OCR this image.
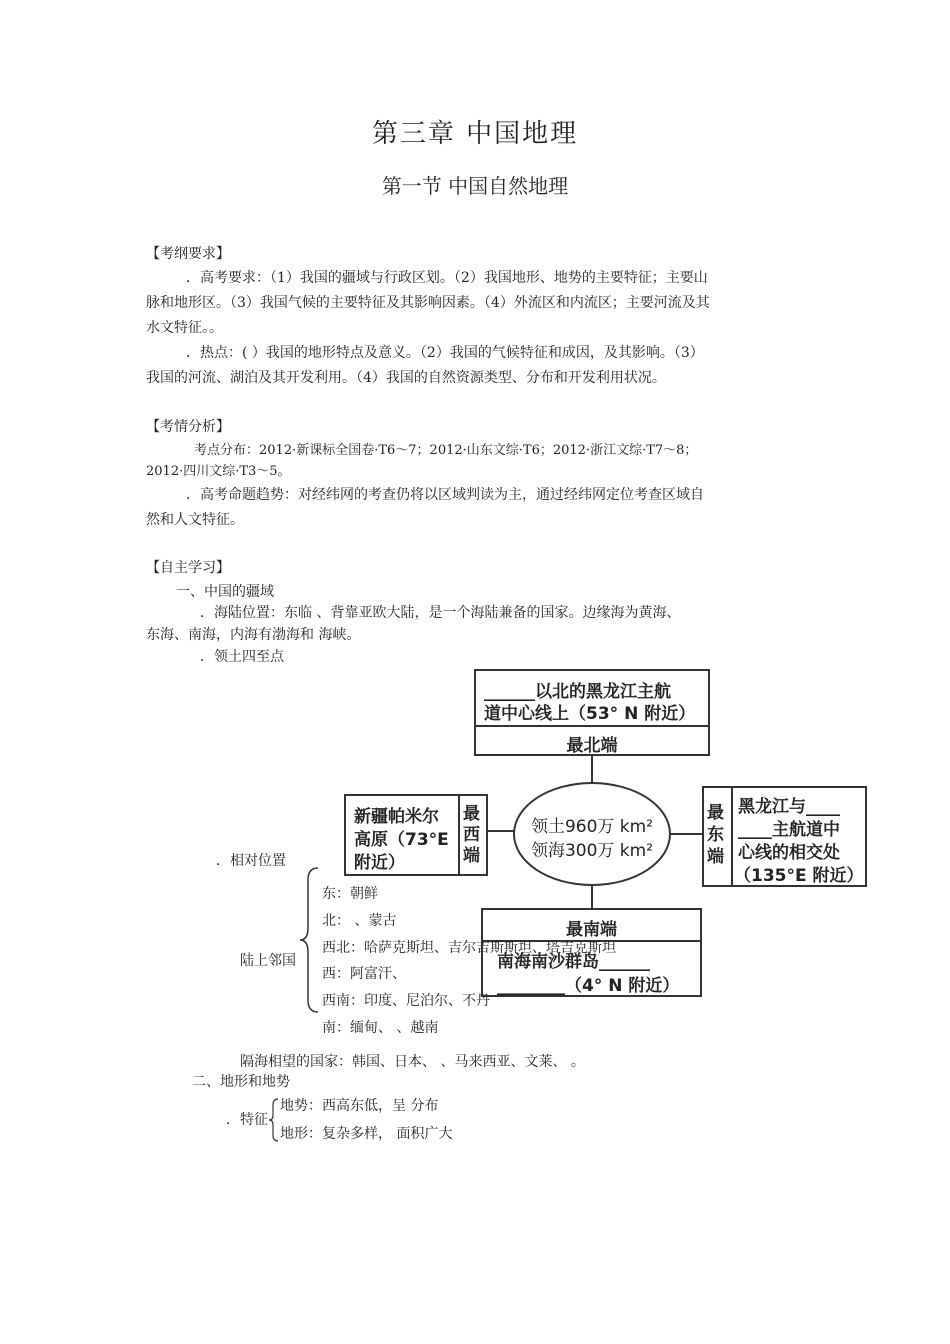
第三章 中国地理
第一节 中国自然地理
【考纲要求】
．高考要求：（1）我国的疆域与行政区划。（2）我国地形、地势的主要特征；主要山
脉和地形区。（3）我国气候的主要特征及其影响因素。（4）外流区和内流区；主要河流及其
水文特征。。
．热点：( ）我国的地形特点及意义。（2）我国的气候特征和成因，及其影响。（3）
我国的河流、湖泊及其开发利用。（4）我国的自然资源类型、分布和开发利用状况。
【考情分析】
考点分布：2012·新课标全国卷·T6～7；2012·山东文综·T6；2012·浙江文综·T7～8；
2012·四川文综·T3～5。
．高考命题趋势：对经纬网的考查仍将以区域判读为主，通过经纬网定位考查区域自
然和人文特征。
【自主学习】
一、中国的疆域
．海陆位置：东临 、背靠亚欧大陆，是一个海陆兼备的国家。边缘海为黄海、
东海、南海，内海有渤海和 海峡。
．领土四至点
______以北的黑龙江主航
道中心线上（53° N 附近）
最北端
新疆帕米尔
高原（73°E
附近）
最西端
领土960万 km²
领海300万 km²
最东端
黑龙江与____
____主航道中
心线的相交处
（135°E 附近）
最南端
南海南沙群岛______
________（4° N 附近）
．相对位置
陆上邻国
东：朝鲜
北： 、蒙古
西北：哈萨克斯坦、吉尔吉斯斯坦、塔吉克斯坦
西：阿富汗、
西南：印度、尼泊尔、不丹
南：缅甸、 、越南
隔海相望的国家：韩国、日本、 、马来西亚、文莱、 。
二、地形和地势
．特征
地势：西高东低，呈 分布
地形：复杂多样， 面积广大
